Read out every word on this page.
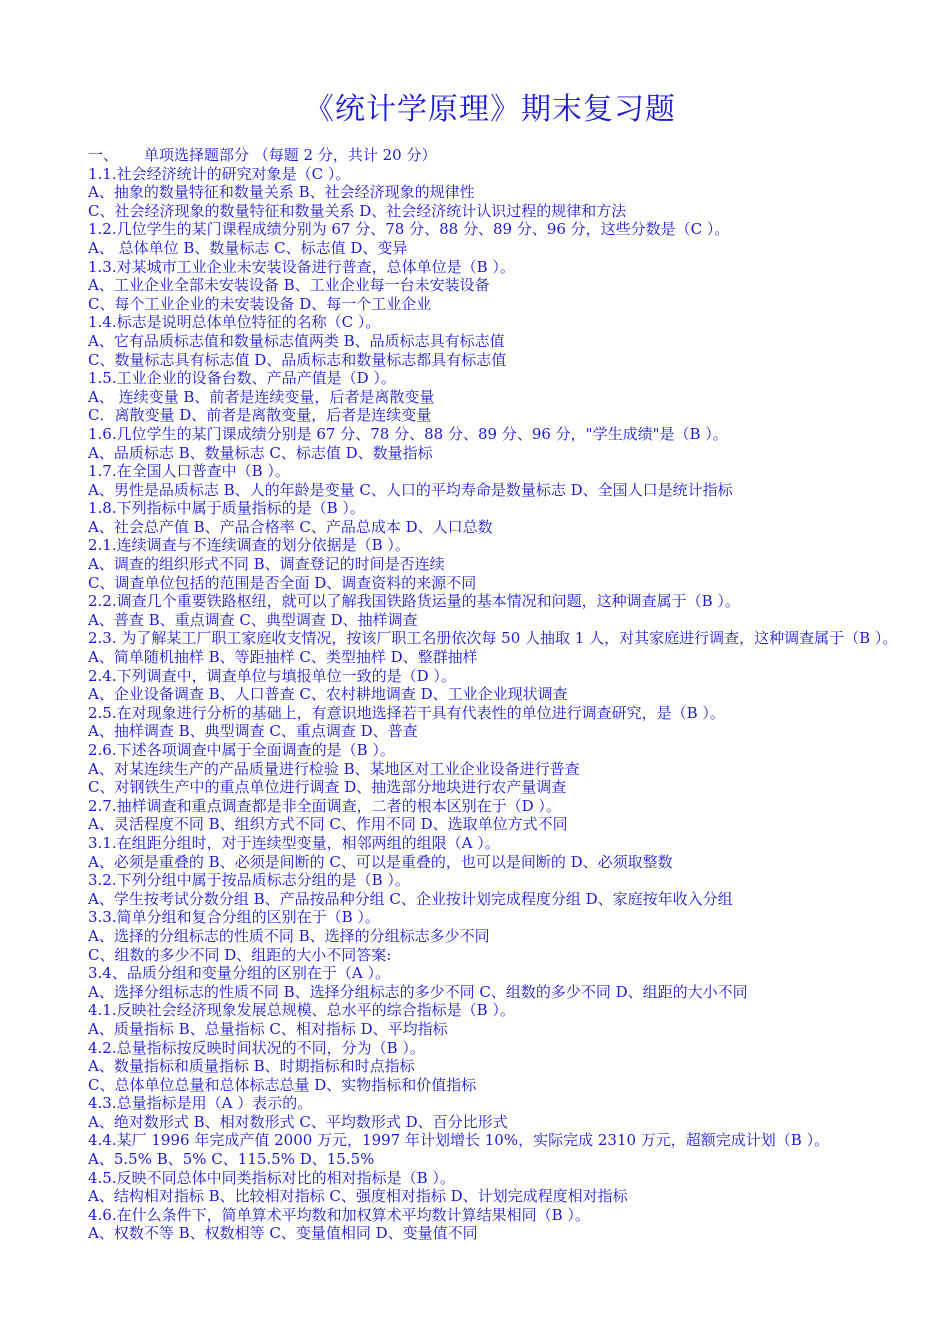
《统计学原理》期末复习题
一、 单项选择题部分 （每题 2 分，共计 20 分）
1.1.社会经济统计的研究对象是（C ）。
A、抽象的数量特征和数量关系 B、社会经济现象的规律性
C、社会经济现象的数量特征和数量关系 D、社会经济统计认识过程的规律和方法
1.2.几位学生的某门课程成绩分别为 67 分、78 分、88 分、89 分、96 分，这些分数是（C ）。
A、 总体单位 B、数量标志 C、标志值 D、变异
1.3.对某城市工业企业未安装设备进行普查，总体单位是（B ）。
A、工业企业全部未安装设备 B、工业企业每一台未安装设备
C、每个工业企业的未安装设备 D、每一个工业企业
1.4.标志是说明总体单位特征的名称（C ）。
A、它有品质标志值和数量标志值两类 B、品质标志具有标志值
C、数量标志具有标志值 D、品质标志和数量标志都具有标志值
1.5.工业企业的设备台数、产品产值是（D ）。
A、 连续变量 B、前者是连续变量，后者是离散变量
C．离散变量 D、前者是离散变量，后者是连续变量
1.6.几位学生的某门课成绩分别是 67 分、78 分、88 分、89 分、96 分，"学生成绩"是（B ）。
A、品质标志 B、数量标志 C、标志值 D、数量指标
1.7.在全国人口普查中（B ）。
A、男性是品质标志 B、人的年龄是变量 C、人口的平均寿命是数量标志 D、全国人口是统计指标
1.8.下列指标中属于质量指标的是（B ）。
A、社会总产值 B、产品合格率 C、产品总成本 D、人口总数
2.1.连续调查与不连续调查的划分依据是（B ）。
A、调查的组织形式不同 B、调查登记的时间是否连续
C、调查单位包括的范围是否全面 D、调查资料的来源不同
2.2.调查几个重要铁路枢纽，就可以了解我国铁路货运量的基本情况和问题，这种调查属于（B ）。
A、普查 B、重点调查 C、典型调查 D、抽样调查
2.3. 为了解某工厂职工家庭收支情况，按该厂职工名册依次每 50 人抽取 1 人，对其家庭进行调查，这种调查属于（B ）。
A、简单随机抽样 B、等距抽样 C、类型抽样 D、整群抽样
2.4.下列调查中，调查单位与填报单位一致的是（D ）。
A、企业设备调查 B、人口普查 C、农村耕地调查 D、工业企业现状调查
2.5.在对现象进行分析的基础上，有意识地选择若干具有代表性的单位进行调查研究，是（B ）。
A、抽样调查 B、典型调查 C、重点调查 D、普查
2.6.下述各项调查中属于全面调查的是（B ）。
A、对某连续生产的产品质量进行检验 B、某地区对工业企业设备进行普查
C、对钢铁生产中的重点单位进行调查 D、抽选部分地块进行农产量调查
2.7.抽样调查和重点调查都是非全面调查，二者的根本区别在于（D ）。
A、灵活程度不同 B、组织方式不同 C、作用不同 D、选取单位方式不同
3.1.在组距分组时，对于连续型变量，相邻两组的组限（A ）。
A、必须是重叠的 B、必须是间断的 C、可以是重叠的，也可以是间断的 D、必须取整数
3.2.下列分组中属于按品质标志分组的是（B ）。
A、学生按考试分数分组 B、产品按品种分组 C、企业按计划完成程度分组 D、家庭按年收入分组
3.3.简单分组和复合分组的区别在于（B ）。
A、选择的分组标志的性质不同 B、选择的分组标志多少不同
C、组数的多少不同 D、组距的大小不同答案:
3.4、品质分组和变量分组的区别在于（A ）。
A、选择分组标志的性质不同 B、选择分组标志的多少不同 C、组数的多少不同 D、组距的大小不同
4.1.反映社会经济现象发展总规模、总水平的综合指标是（B ）。
A、质量指标 B、总量指标 C、相对指标 D、平均指标
4.2.总量指标按反映时间状况的不同，分为（B ）。
A、数量指标和质量指标 B、时期指标和时点指标
C、总体单位总量和总体标志总量 D、实物指标和价值指标
4.3.总量指标是用（A ）表示的。
A、绝对数形式 B、相对数形式 C、平均数形式 D、百分比形式
4.4.某厂 1996 年完成产值 2000 万元，1997 年计划增长 10%，实际完成 2310 万元，超额完成计划（B ）。
A、5.5% B、5% C、115.5% D、15.5%
4.5.反映不同总体中同类指标对比的相对指标是（B ）。
A、结构相对指标 B、比较相对指标 C、强度相对指标 D、计划完成程度相对指标
4.6.在什么条件下，简单算术平均数和加权算术平均数计算结果相同（B ）。
A、权数不等 B、权数相等 C、变量值相同 D、变量值不同
